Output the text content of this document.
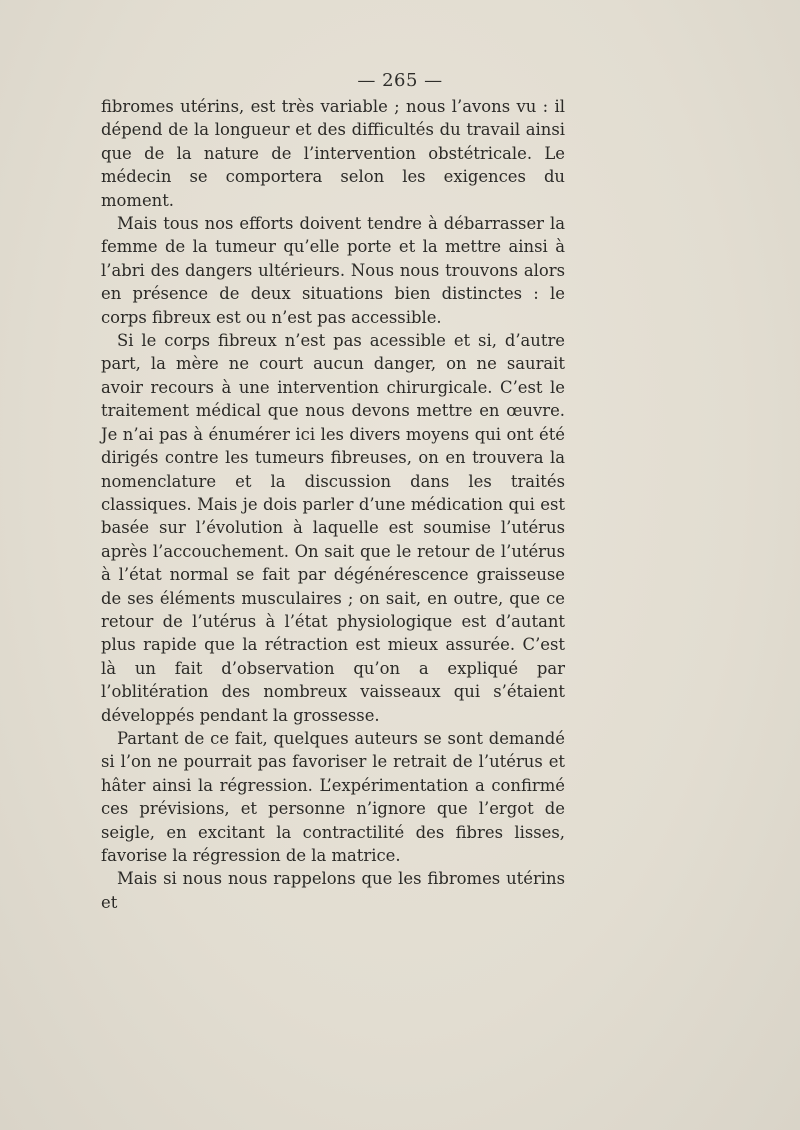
— 265 —

fibromes utérins, est très variable ; nous l’avons vu : il dépend de la longueur et des difficultés du travail ainsi que de la nature de l’intervention obstétricale. Le médecin se comportera selon les exigences du moment.

Mais tous nos efforts doivent tendre à débarrasser la femme de la tumeur qu’elle porte et la mettre ainsi à l’abri des dangers ultérieurs. Nous nous trouvons alors en présence de deux situations bien distinctes : le corps fibreux est ou n’est pas accessible.

Si le corps fibreux n’est pas acessible et si, d’autre part, la mère ne court aucun danger, on ne saurait avoir recours à une intervention chirurgicale. C’est le traitement médical que nous devons mettre en œuvre. Je n’ai pas à énumérer ici les divers moyens qui ont été dirigés contre les tumeurs fibreuses, on en trouvera la nomenclature et la discussion dans les traités classiques. Mais je dois parler d’une médication qui est basée sur l’évolution à laquelle est soumise l’utérus après l’accouchement. On sait que le retour de l’utérus à l’état normal se fait par dégénérescence graisseuse de ses éléments musculaires ; on sait, en outre, que ce retour de l’utérus à l’état physiologique est d’autant plus rapide que la rétraction est mieux assurée. C’est là un fait d’observation qu’on a expliqué par l’oblitération des nombreux vaisseaux qui s’étaient développés pendant la grossesse.

Partant de ce fait, quelques auteurs se sont demandé si l’on ne pourrait pas favoriser le retrait de l’utérus et hâter ainsi la régression. L’expérimentation a confirmé ces prévisions, et personne n’ignore que l’ergot de seigle, en excitant la contractilité des fibres lisses, favorise la régression de la matrice.

Mais si nous nous rappelons que les fibromes utérins et
